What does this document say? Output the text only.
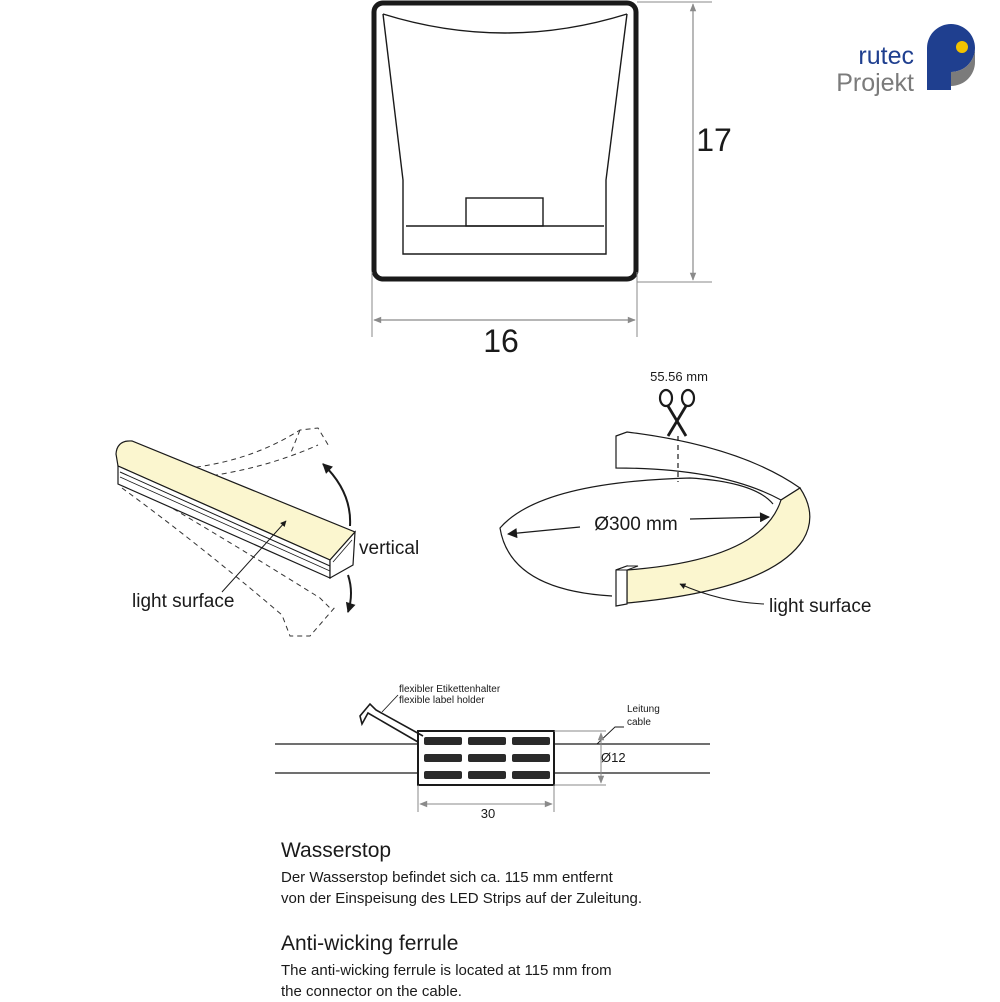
rutec
Projekt
17
16
vertical
light surface
Ø300 mm
55.56 mm
light surface
flexibler Etikettenhalter
flexible label holder
Leitung
cable
Ø12
30
Wasserstop

Der Wasserstop befindet sich ca. 115 mm entfernt
von der Einspeisung des LED Strips auf der Zuleitung.

Anti-wicking ferrule

The anti-wicking ferrule is located at 115 mm from
the connector on the cable.
